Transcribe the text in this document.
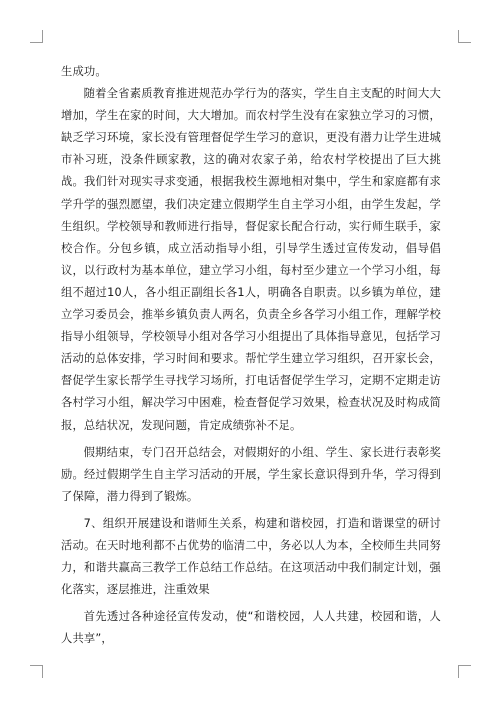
生成功。

随着全省素质教育推进规范办学行为的落实，学生自主支配的时间大大增加，学生在家的时间，大大增加。而农村学生没有在家独立学习的习惯，缺乏学习环境，家长没有管理督促学生学习的意识，更没有潜力让学生进城市补习班，没条件顾家教，这的确对农家子弟，给农村学校提出了巨大挑战。我们针对现实寻求变通，根据我校生源地相对集中，学生和家庭都有求学升学的强烈愿望，我们决定建立假期学生自主学习小组，由学生发起，学生组织。学校领导和教师进行指导，督促家长配合行动，实行师生联手，家校合作。分包乡镇，成立活动指导小组，引导学生透过宣传发动，倡导倡议，以行政村为基本单位，建立学习小组，每村至少建立一个学习小组，每组不超过10人，各小组正副组长各1人，明确各自职责。以乡镇为单位，建立学习委员会，推举乡镇负责人两名，负责全乡各学习小组工作，理解学校指导小组领导，学校领导小组对各学习小组提出了具体指导意见，包括学习活动的总体安排，学习时间和要求。帮忙学生建立学习组织，召开家长会，督促学生家长帮学生寻找学习场所，打电话督促学生学习，定期不定期走访各村学习小组，解决学习中困难，检查督促学习效果，检查状况及时构成简报，总结状况，发现问题，肯定成绩弥补不足。

假期结束，专门召开总结会，对假期好的小组、学生、家长进行表彰奖励。经过假期学生自主学习活动的开展，学生家长意识得到升华，学习得到了保障，潜力得到了锻炼。

7、组织开展建设和谐师生关系，构建和谐校园，打造和谐课堂的研讨活动。在天时地利都不占优势的临清二中，务必以人为本，全校师生共同努力，和谐共赢高三教学工作总结工作总结。在这项活动中我们制定计划，强化落实，逐层推进，注重效果

首先透过各种途径宣传发动，使“和谐校园，人人共建，校园和谐，人人共享”，
